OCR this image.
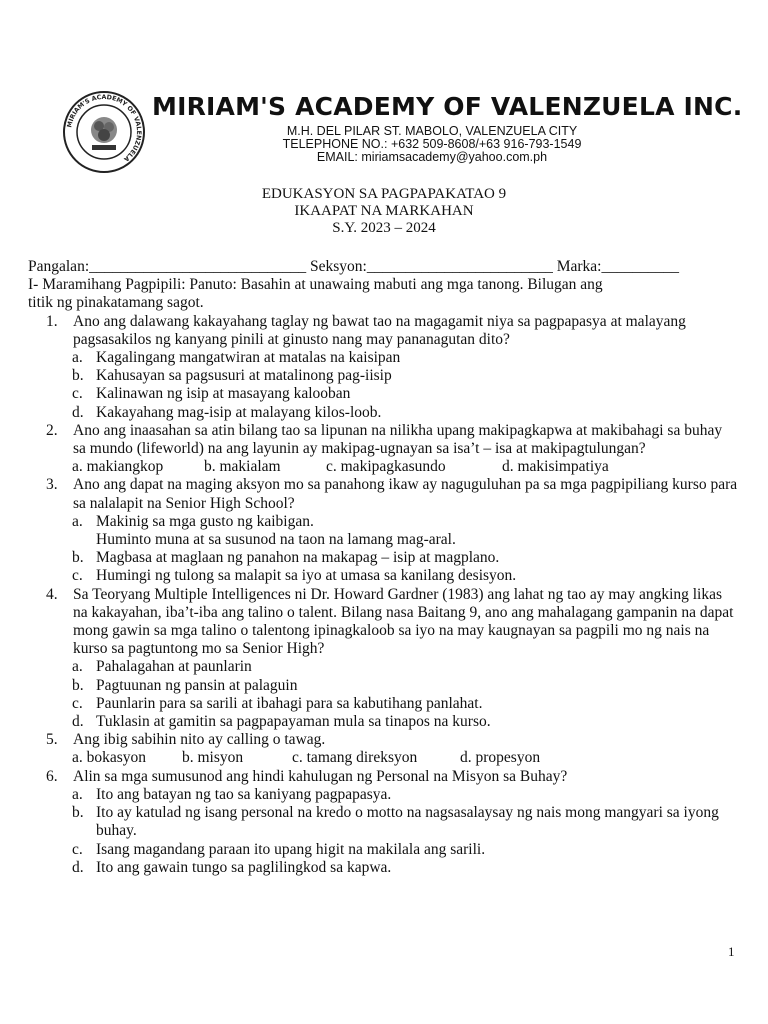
MIRIAM'S ACADEMY OF VALENZUELA
MIRIAM'S ACADEMY OF VALENZUELA INC.
M.H. DEL PILAR ST. MABOLO, VALENZUELA CITY
TELEPHONE NO.: +632 509-8608/+63 916-793-1549
EMAIL: miriamsacademy@yahoo.com.ph
EDUKASYON SA PAGPAPAKATAO 9
IKAAPAT NA MARKAHAN
S.Y. 2023 – 2024
Pangalan:____________________________ Seksyon:________________________ Marka:__________
I- Maramihang Pagpipili: Panuto: Basahin at unawaing mabuti ang mga tanong. Bilugan ang
titik ng pinakatamang sagot.
1. Ano ang dalawang kakayahang taglay ng bawat tao na magagamit niya sa pagpapasya at malayang pagsasakilos ng kanyang pinili at ginusto nang may pananagutan dito?
a. Kagalingang mangatwiran at matalas na kaisipan
b. Kahusayan sa pagsusuri at matalinong pag-iisip
c. Kalinawan ng isip at masayang kalooban
d. Kakayahang mag-isip at malayang kilos-loob.
2. Ano ang inaasahan sa atin bilang tao sa lipunan na nilikha upang makipagkapwa at makibahagi sa buhay sa mundo (lifeworld) na ang layunin ay makipag-ugnayan sa isa’t – isa at makipagtulungan?
a. makiangkop	b. makialam	c. makipagkasundo	d. makisimpatiya
3. Ano ang dapat na maging aksyon mo sa panahong ikaw ay naguguluhan pa sa mga pagpipiliang kurso para sa nalalapit na Senior High School?
a. Makinig sa mga gusto ng kaibigan.
Huminto muna at sa susunod na taon na lamang mag-aral.
b. Magbasa at maglaan ng panahon na makapag – isip at magplano.
c. Humingi ng tulong sa malapit sa iyo at umasa sa kanilang desisyon.
4. Sa Teoryang Multiple Intelligences ni Dr. Howard Gardner (1983) ang lahat ng tao ay may angking likas na kakayahan, iba’t-iba ang talino o talent. Bilang nasa Baitang 9, ano ang mahalagang gampanin na dapat mong gawin sa mga talino o talentong ipinagkaloob sa iyo na may kaugnayan sa pagpili mo ng nais na kurso sa pagtuntong mo sa Senior High?
a. Pahalagahan at paunlarin
b. Pagtuunan ng pansin at palaguin
c. Paunlarin para sa sarili at ibahagi para sa kabutihang panlahat.
d. Tuklasin at gamitin sa pagpapayaman mula sa tinapos na kurso.
5. Ang ibig sabihin nito ay calling o tawag.
a. bokasyon b. misyon	c. tamang direksyon	d. propesyon
6. Alin sa mga sumusunod ang hindi kahulugan ng Personal na Misyon sa Buhay?
a. Ito ang batayan ng tao sa kaniyang pagpapasya.
b. Ito ay katulad ng isang personal na kredo o motto na nagsasalaysay ng nais mong mangyari sa iyong buhay.
c. Isang magandang paraan ito upang higit na makilala ang sarili.
d. Ito ang gawain tungo sa paglilingkod sa kapwa.
1
